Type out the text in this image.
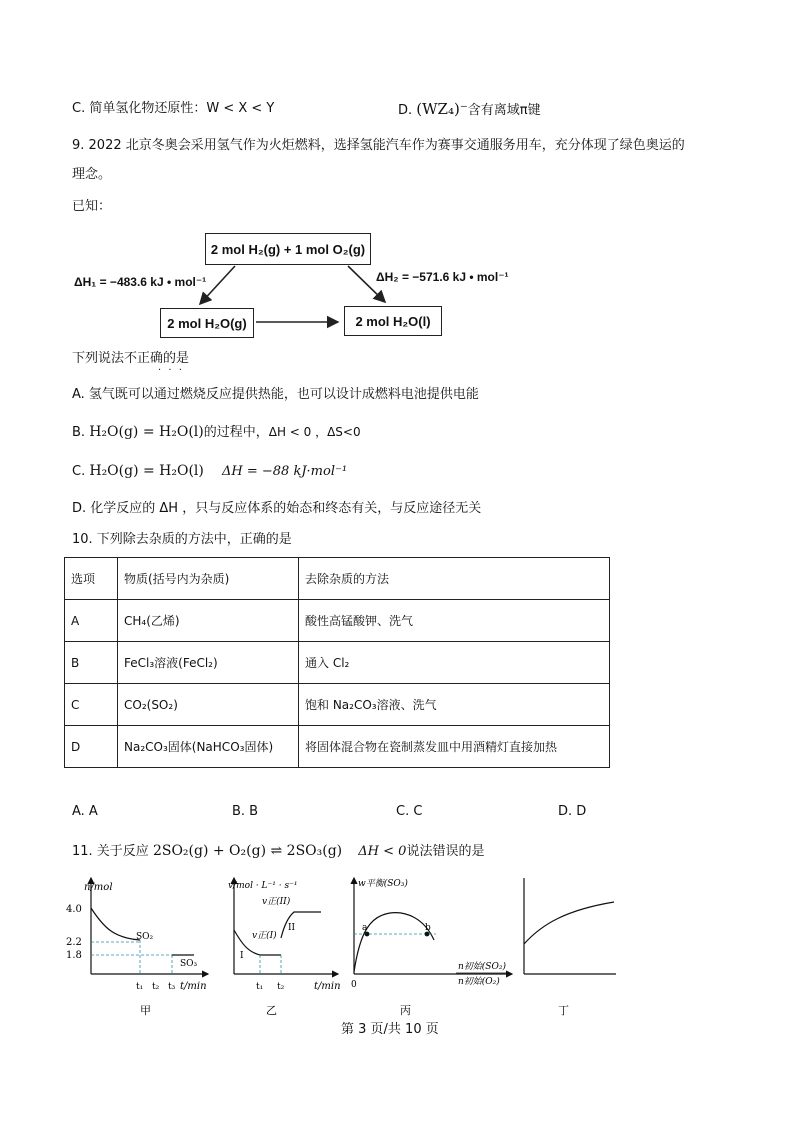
C. 简单氢化物还原性：W < X < Y	D. (WZ₄)⁻含有离域π键
9. 2022 北京冬奥会采用氢气作为火炬燃料，选择氢能汽车作为赛事交通服务用车，充分体现了绿色奥运的
理念。
已知：
2 mol H₂(g) + 1 mol O₂(g)
2 mol H₂O(g)	2 mol H₂O(l)
ΔH₁ = −483.6 kJ • mol⁻¹	ΔH₂ = −571.6 kJ • mol⁻¹
下列说法不正确的是
· · ·
A. 氢气既可以通过燃烧反应提供热能，也可以设计成燃料电池提供电能
B. H₂O(g) = H₂O(l)的过程中，ΔH < 0 ，ΔS<0
C. H₂O(g) = H₂O(l) ΔH = −88 kJ·mol⁻¹
D. 化学反应的 ΔH ，只与反应体系的始态和终态有关，与反应途径无关
10. 下列除去杂质的方法中，正确的是
选项	物质(括号内为杂质)	去除杂质的方法
A	CH₄(乙烯)	酸性高锰酸钾、洗气
B	FeCl₃溶液(FeCl₂)	通入 Cl₂
C	CO₂(SO₂)	饱和 Na₂CO₃溶液、洗气
D	Na₂CO₃固体(NaHCO₃固体)	将固体混合物在瓷制蒸发皿中用酒精灯直接加热
A. A	B. B	C. C	D. D
11. 关于反应 2SO₂(g) + O₂(g) ⇌ 2SO₃(g) ΔH < 0说法错误的是
n/mol
4.0
2.2
1.8
SO₂
SO₃
t₁ t₂ t₃ t/min
甲
v/mol · L⁻¹ · s⁻¹
v正(II)
II
v正(I)
I
t₁ t₂	t/min
乙
a	b
w平衡(SO₃)
0
n初始(SO₂)
n初始(O₂)
丙	丁
第 3 页/共 10 页
